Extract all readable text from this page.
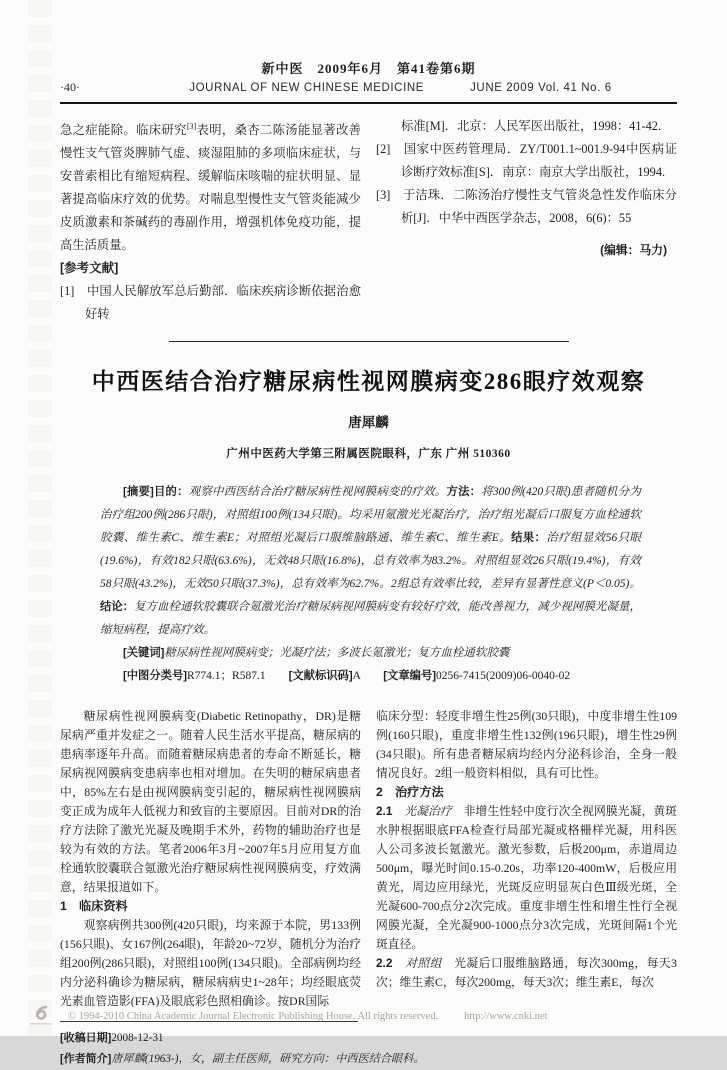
新中医　2009年6月　第41卷第6期
·40·	JOURNAL OF NEW CHINESE MEDICINE	JUNE 2009 Vol. 41 No. 6

急之症能除。临床研究[3]表明，桑杏二陈汤能显著改善慢性支气管炎脾肺气虚、痰湿阻肺的多项临床症状，与安普索相比有缩短病程、缓解临床咳喘的症状明显、显著提高临床疗效的优势。对喘息型慢性支气管炎能减少皮质激素和茶碱药的毒副作用，增强机体免疫功能，提高生活质量。

[参考文献]

[1]　中国人民解放军总后勤部．临床疾病诊断依据治愈好转

标准[M]．北京：人民军医出版社，1998：41-42.

[2]　国家中医药管理局．ZY/T001.1~001.9-94中医病证诊断疗效标准[S]．南京：南京大学出版社，1994.

[3]　于洁珠．二陈汤治疗慢性支气管炎急性发作临床分析[J]．中华中西医学杂志，2008，6(6)：55

(编辑：马力)

中西医结合治疗糖尿病性视网膜病变286眼疗效观察
唐犀麟
广州中医药大学第三附属医院眼科，广东 广州 510360

[摘要]目的：观察中西医结合治疗糖尿病性视网膜病变的疗效。方法：将300例(420只眼)患者随机分为治疗组200例(286只眼)，对照组100例(134只眼)。均采用氪激光光凝治疗，治疗组光凝后口服复方血栓通软胶囊、维生素C、维生素E；对照组光凝后口服维脑路通、维生素C、维生素E。结果：治疗组显效56只眼(19.6%)，有效182只眼(63.6%)，无效48只眼(16.8%)，总有效率为83.2%。对照组显效26只眼(19.4%)，有效58只眼(43.2%)，无效50只眼(37.3%)，总有效率为62.7%。2组总有效率比较，差异有显著性意义(P＜0.05)。结论：复方血栓通软胶囊联合氪激光治疗糖尿病视网膜病变有较好疗效，能改善视力，减少视网膜光凝量，缩短病程，提高疗效。

[关键词]糖尿病性视网膜病变；光凝疗法；多波长氪激光；复方血栓通软胶囊

[中图分类号]R774.1；R587.1　　 [文献标识码]A　　 [文章编号]0256-7415(2009)06-0040-02

糖尿病性视网膜病变(Diabetic Retinopathy，DR)是糖尿病严重并发症之一。随着人民生活水平提高，糖尿病的患病率逐年升高。而随着糖尿病患者的寿命不断延长，糖尿病视网膜病变患病率也相对增加。在失明的糖尿病患者中，85%左右是由视网膜病变引起的，糖尿病性视网膜病变正成为成年人低视力和致盲的主要原因。目前对DR的治疗方法除了激光光凝及晚期手术外，药物的辅助治疗也是较为有效的方法。笔者2006年3月~2007年5月应用复方血栓通软胶囊联合氪激光治疗糖尿病性视网膜病变，疗效满意，结果报道如下。

1　临床资料

观察病例共300例(420只眼)，均来源于本院，男133例(156只眼)、女167例(264眼)，年龄20~72岁，随机分为治疗组200例(286只眼)，对照组100例(134只眼)。全部病例均经内分泌科确诊为糖尿病，糖尿病病史1~28年；均经眼底荧光素血管造影(FFA)及眼底彩色照相确诊。按DR国际

临床分型：轻度非增生性25例(30只眼)，中度非增生性109例(160只眼)，重度非增生性132例(196只眼)，增生性29例(34只眼)。所有患者糖尿病均经内分泌科诊治，全身一般情况良好。2组一般资料相似，具有可比性。

2　治疗方法

2.1　 光凝治疗　 非增生性轻中度行次全视网膜光凝，黄斑水肿根据眼底FFA检查行局部光凝或格栅样光凝，用科医人公司多波长氪激光。激光参数，后极200μm，赤道周边500μm，曝光时间0.15-0.20s，功率120-400mW，后极应用黄光，周边应用绿光，光斑反应明显灰白色Ⅲ级光斑，全光凝600-700点分2次完成。重度非增生性和增生性行全视网膜光凝，全光凝900-1000点分3次完成，光斑间隔1个光斑直径。

2.2　 对照组　 光凝后口服维脑路通，每次300mg，每天3次；维生素C，每次200mg，每天3次；维生素E，每次

[收稿日期]2008-12-31

[作者简介]唐犀麟(1963-)，女，副主任医师，研究方向：中西医结合眼科。

© 1994-2010 China Academic Journal Electronic Publishing House. All rights reserved. http://www.cnki.net
